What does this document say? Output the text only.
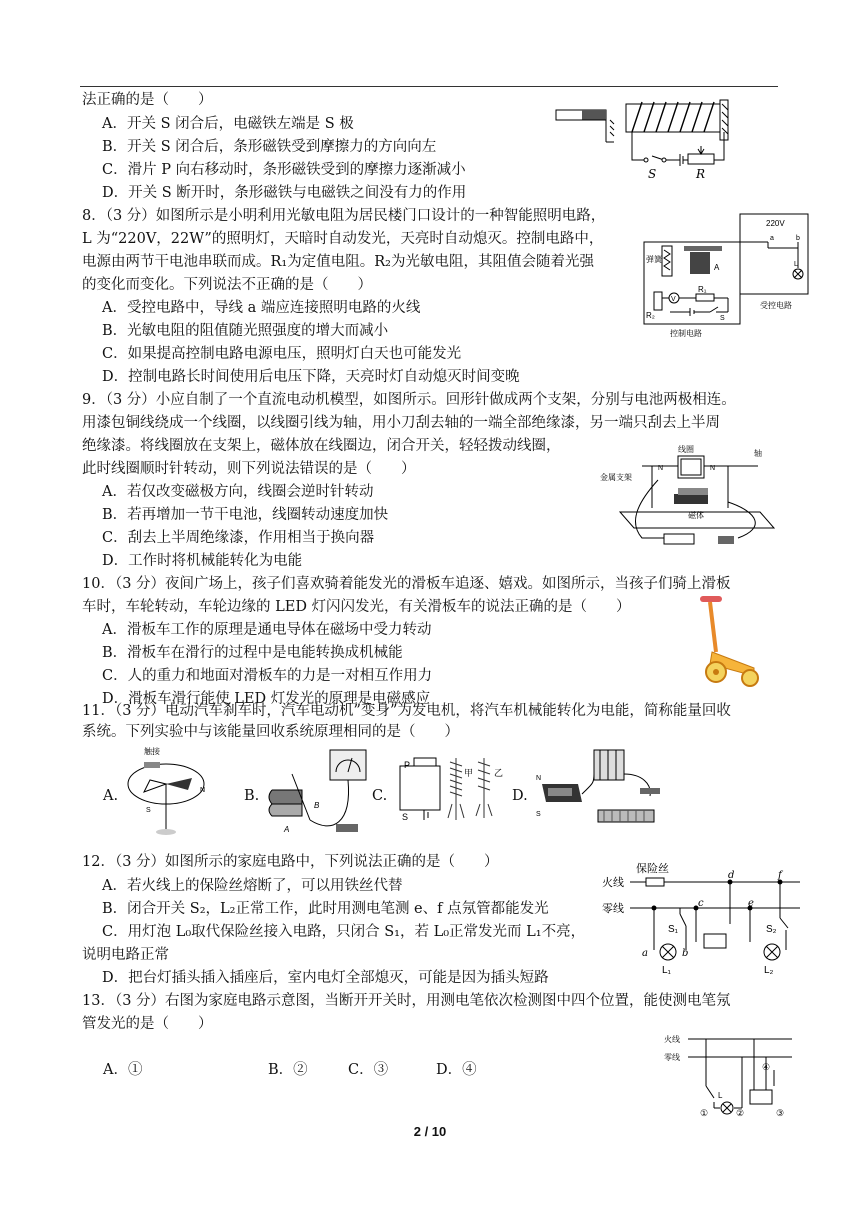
法正确的是（　　）
A．开关 S 闭合后，电磁铁左端是 S 极
B．开关 S 闭合后，条形磁铁受到摩擦力的方向向左
C．滑片 P 向右移动时，条形磁铁受到的摩擦力逐渐减小
D．开关 S 断开时，条形磁铁与电磁铁之间没有力的作用
S	R
8．（3 分）如图所示是小明利用光敏电阻为居民楼门口设计的一种智能照明电路，
L 为“220V，22W”的照明灯，天暗时自动发光，天亮时自动熄灭。控制电路中，
电源由两节干电池串联而成。R₁为定值电阻。R₂为光敏电阻，其阻值会随着光强
的变化而变化。下列说法不正确的是（　　）
A．受控电路中，导线 a 端应连接照明电路的火线
B．光敏电阻的阻值随光照强度的增大而减小
C．如果提高控制电路电源电压，照明灯白天也可能发光
D．控制电路长时间使用后电压下降，天亮时灯自动熄灭时间变晚
220V
a	b
L
弹簧
A
V
R₁
R₂	S
控制电路
受控电路
9．（3 分）小应自制了一个直流电动机模型，如图所示。回形针做成两个支架，分别与电池两极相连。
用漆包铜线绕成一个线圈，以线圈引线为轴，用小刀刮去轴的一端全部绝缘漆，另一端只刮去上半周
绝缘漆。将线圈放在支架上，磁体放在线圈边，闭合开关，轻轻拨动线圈，
此时线圈顺时针转动，则下列说法错误的是（　　）
A．若仅改变磁极方向，线圈会逆时针转动
B．若再增加一节干电池，线圈转动速度加快
C．刮去上半周绝缘漆，作用相当于换向器
D．工作时将机械能转化为电能
线圈	轴
金属支架
磁体
N	N
10．（3 分）夜间广场上，孩子们喜欢骑着能发光的滑板车追逐、嬉戏。如图所示，当孩子们骑上滑板
车时，车轮转动，车轮边缘的 LED 灯闪闪发光，有关滑板车的说法正确的是（　　）
A．滑板车工作的原理是通电导体在磁场中受力转动
B．滑板车在滑行的过程中是电能转换成机械能
C．人的重力和地面对滑板车的力是一对相互作用力
D．滑板车滑行能使 LED 灯发光的原理是电磁感应
11．（3 分）电动汽车刹车时，汽车电动机”变身”为发电机，将汽车机械能转化为电能，简称能量回收
系统。下列实验中与该能量回收系统原理相同的是（　　）
A.
触接
N
S
B.
B
A
C.
P
甲 乙
S
D.
N
S
12．（3 分）如图所示的家庭电路中，下列说法正确的是（　　）
A．若火线上的保险丝熔断了，可以用铁丝代替
B．闭合开关 S₂，L₂正常工作，此时用测电笔测 e、f 点氖管都能发光
C．用灯泡 L₀取代保险丝接入电路，只闭合 S₁，若 L₀正常发光而 L₁不亮，
说明电路正常
D．把台灯插头插入插座后，室内电灯全部熄灭，可能是因为插头短路
保险丝
火线
零线
d	f
c	e
a	b
S₁	S₂
L₁	L₂
13．（3 分）右图为家庭电路示意图，当断开开关时，用测电笔依次检测图中四个位置，能使测电笔氖
管发光的是（　　）
A．①	B．②	C．③	D．④
火线
零线
L
①	②	③
④
2 / 10
